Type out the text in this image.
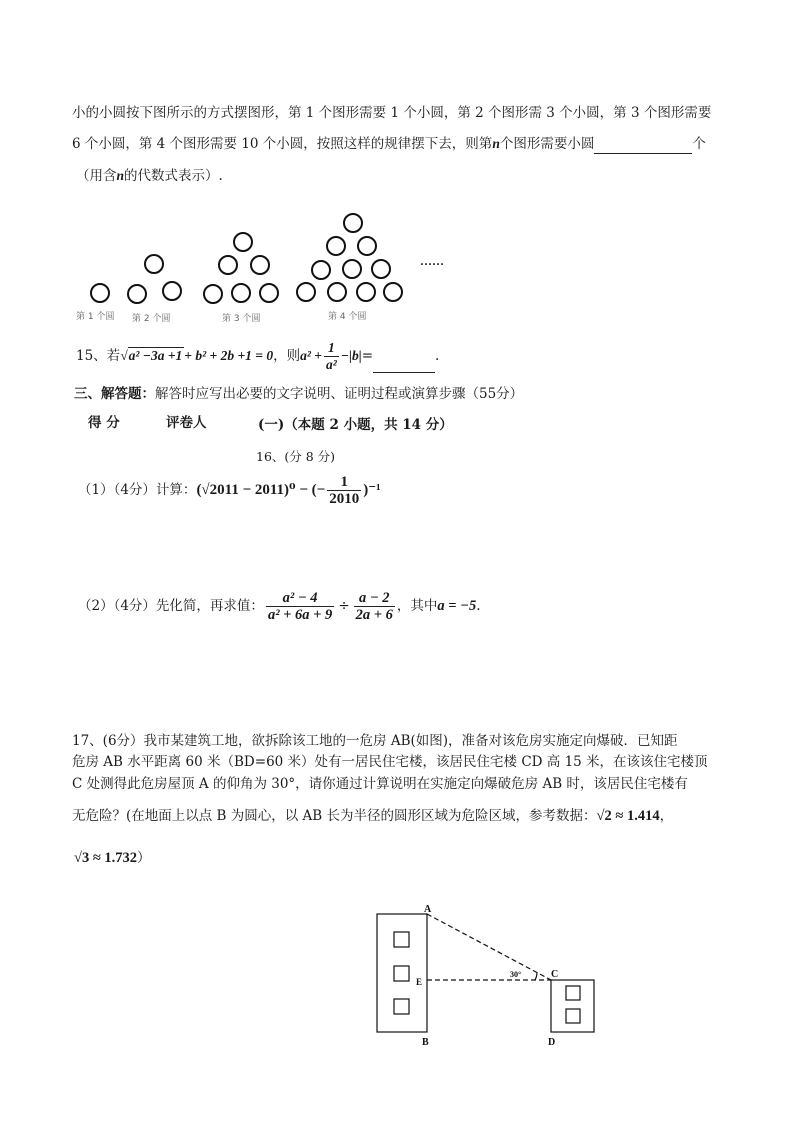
小的小圆按下图所示的方式摆图形，第 1 个图形需要 1 个小圆，第 2 个图形需 3 个小圆，第 3 个图形需要
6 个小圆，第 4 个图形需要 10 个小圆，按照这样的规律摆下去，则第n个图形需要小圆	个
（用含n的代数式表示）.
……
第 1 个圆 第 2 个圆	第 3 个圆	第 4 个圆
15、若√a² −3a +1 + b² + 2b +1 = 0，则$a^2 + \frac{1}{\text{a²}} -|b|=$	.
三、解答题：解答时应写出必要的文字说明、证明过程或演算步骤（55分）
得 分	评卷人	(一)（本题 2 小题，共 14 分）
16、(分 8 分)
（1）（4分）计算：(√2011 − 2011)⁰ − (− $\frac{1}{2010} )^{-1}$
（2）（4分）先化简，再求值： $\frac{\text{a² − 4}}{\text{a² + 6a + 9}} \div \frac{a - 2}{2a + 6}$ ，其中a = −5.
17、(6分）我市某建筑工地，欲拆除该工地的一危房 AB(如图)，准备对该危房实施定向爆破．已知距
危房 AB 水平距离 60 米（BD=60 米）处有一居民住宅楼，该居民住宅楼 CD 高 15 米，在该该住宅楼顶
C 处测得此危房屋顶 A 的仰角为 30°，请你通过计算说明在实施定向爆破危房 AB 时，该居民住宅楼有
无危险？(在地面上以点 B 为圆心，以 AB 长为半径的圆形区域为危险区域，参考数据：√2 ≈ 1.414，
√3 ≈ 1.732）
A
B
C
D
E
30°
